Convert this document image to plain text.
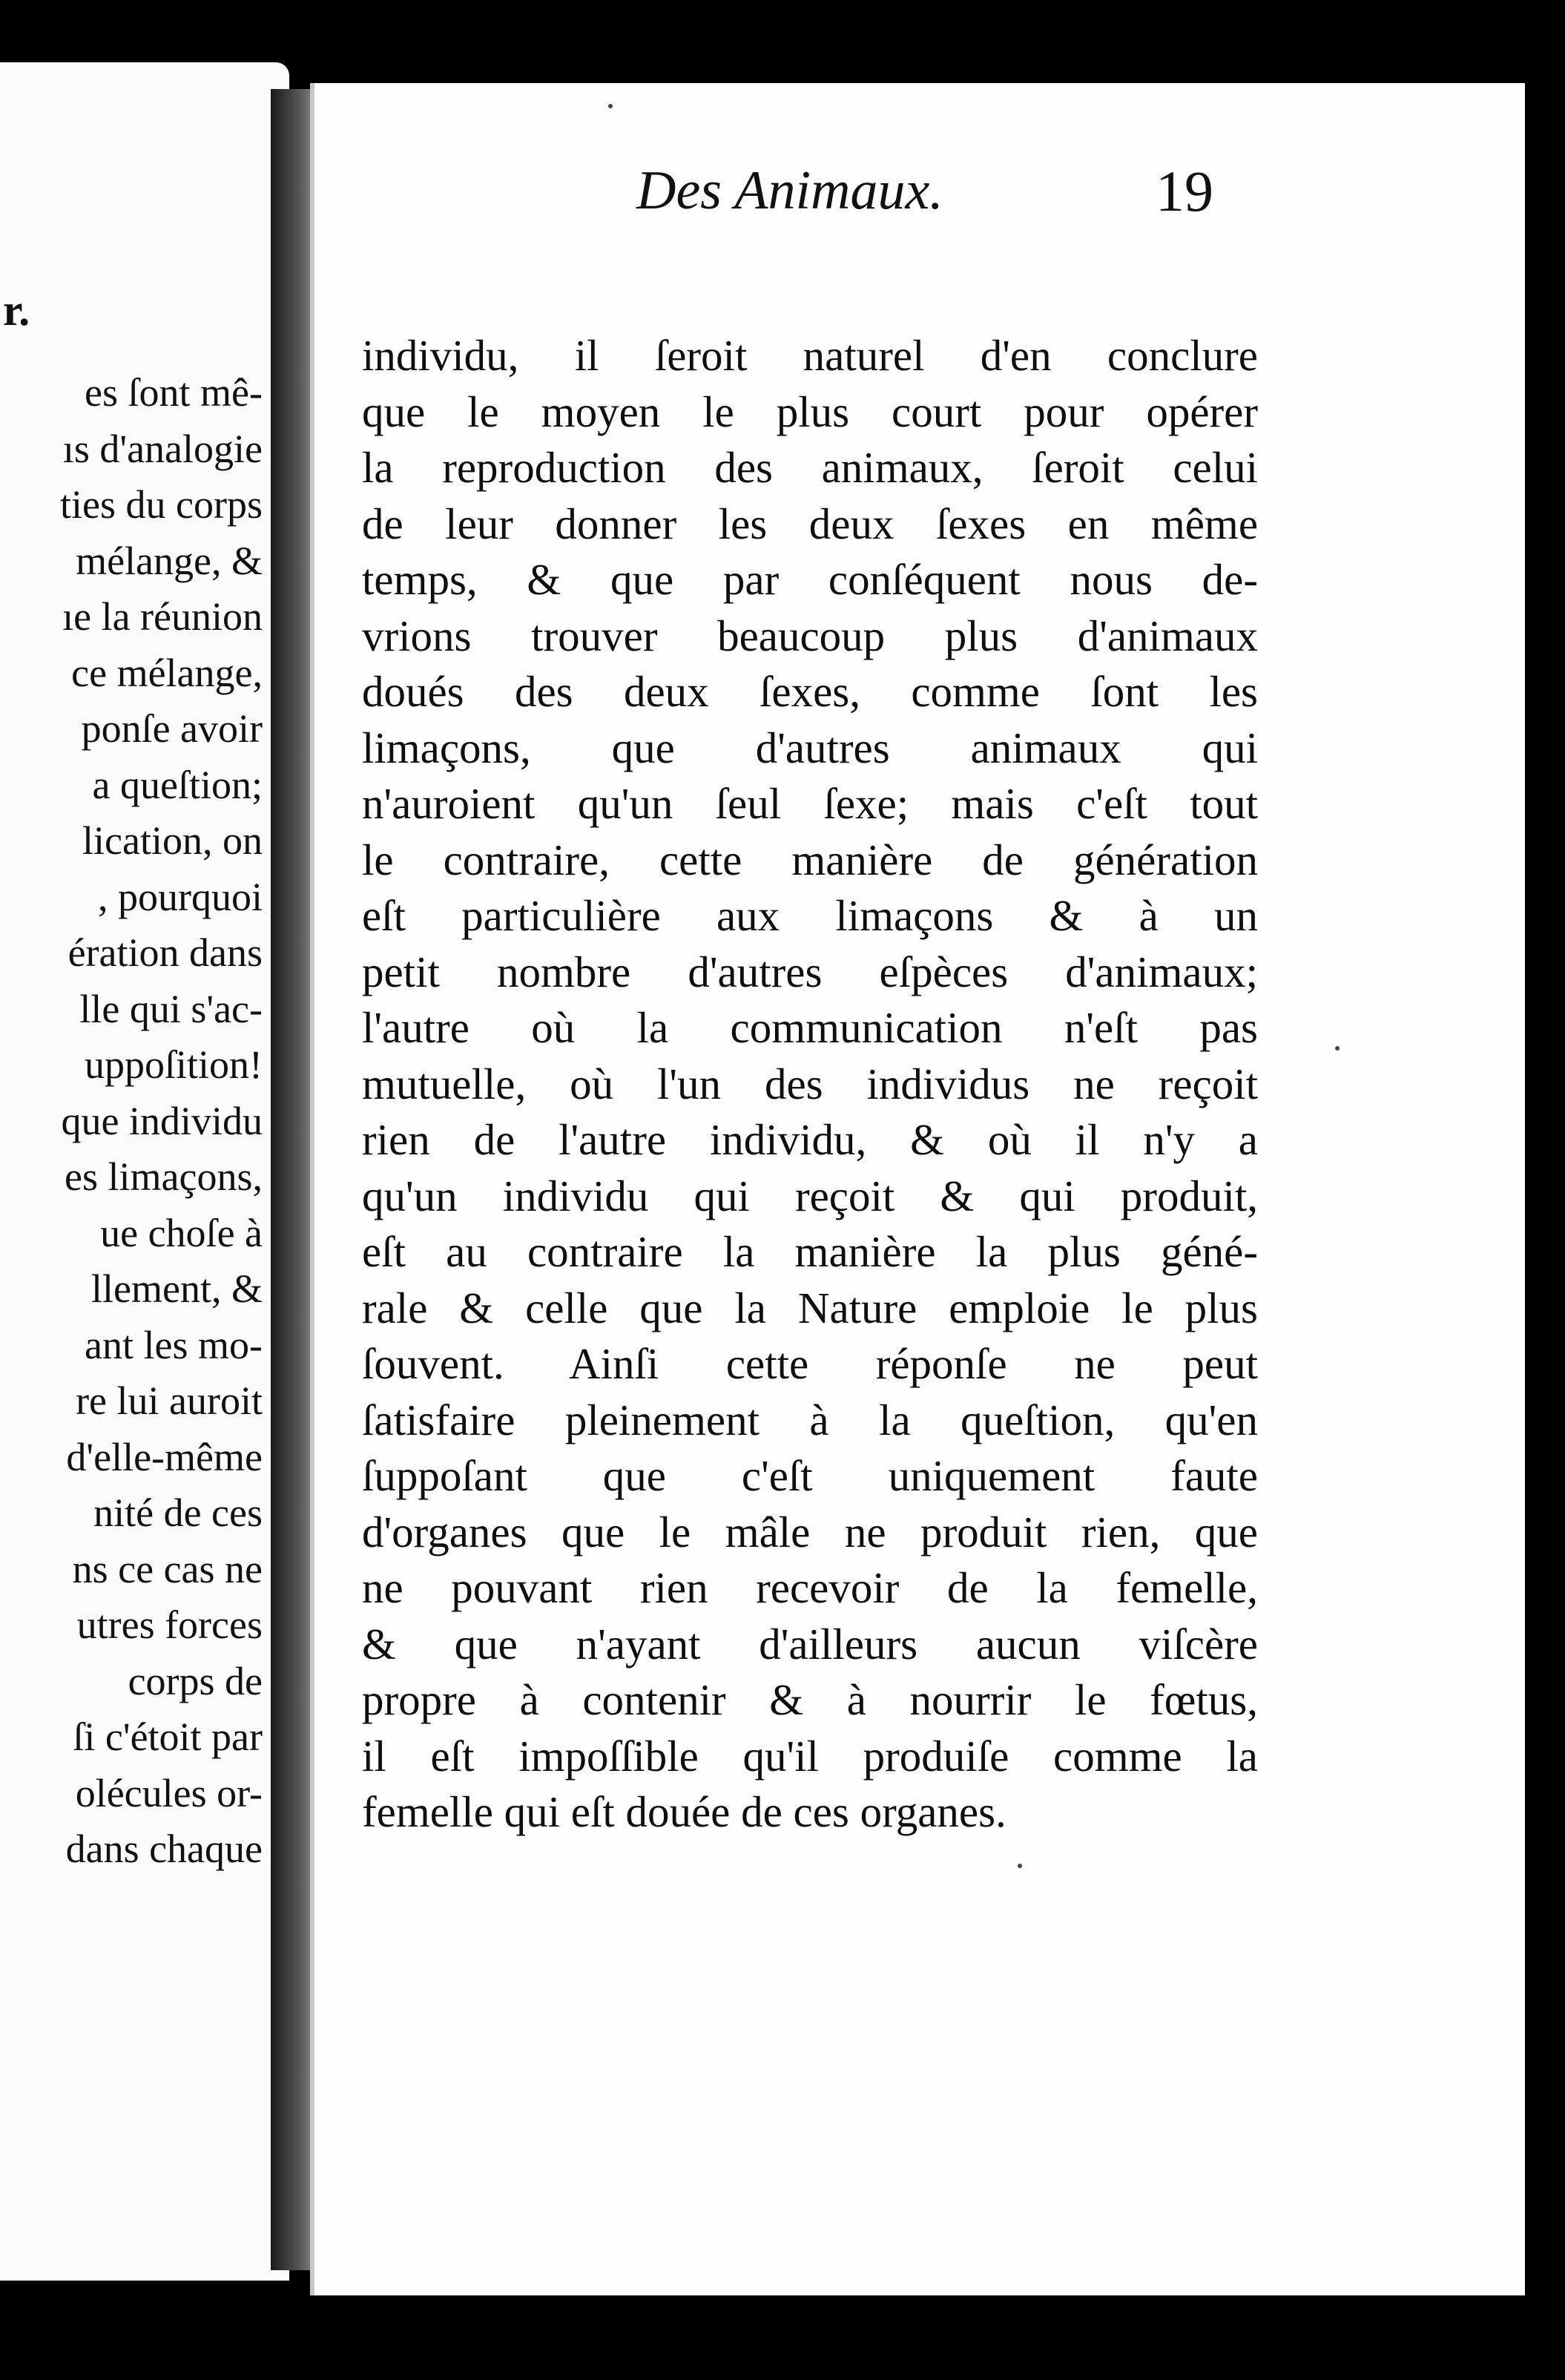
r.
es ſont mê-
ıs d'analogie
ties du corps
mélange, &
ıe la réunion
ce mélange,
ponſe avoir
a queſtion;
lication, on
, pourquoi
ération dans
lle qui s'ac-
uppoſition!
que individu
es limaçons,
ue choſe à
llement, &
ant les mo-
re lui auroit
d'elle-même
nité de ces
ns ce cas ne
utres forces
corps de
ſi c'étoit par
olécules or-
dans chaque
Des Animaux.	19
individu, il ſeroit naturel d'en conclure
que le moyen le plus court pour opérer
la reproduction des animaux, ſeroit celui
de leur donner les deux ſexes en même
temps, & que par conſéquent nous de-
vrions trouver beaucoup plus d'animaux
doués des deux ſexes, comme ſont les
limaçons, que d'autres animaux qui
n'auroient qu'un ſeul ſexe; mais c'eſt tout
le contraire, cette manière de génération
eſt particulière aux limaçons & à un
petit nombre d'autres eſpèces d'animaux;
l'autre où la communication n'eſt pas
mutuelle, où l'un des individus ne reçoit
rien de l'autre individu, & où il n'y a
qu'un individu qui reçoit & qui produit,
eſt au contraire la manière la plus géné-
rale & celle que la Nature emploie le plus
ſouvent. Ainſi cette réponſe ne peut
ſatisfaire pleinement à la queſtion, qu'en
ſuppoſant que c'eſt uniquement faute
d'organes que le mâle ne produit rien, que
ne pouvant rien recevoir de la femelle,
& que n'ayant d'ailleurs aucun viſcère
propre à contenir & à nourrir le fœtus,
il eſt impoſſible qu'il produiſe comme la
femelle qui eſt douée de ces organes.
